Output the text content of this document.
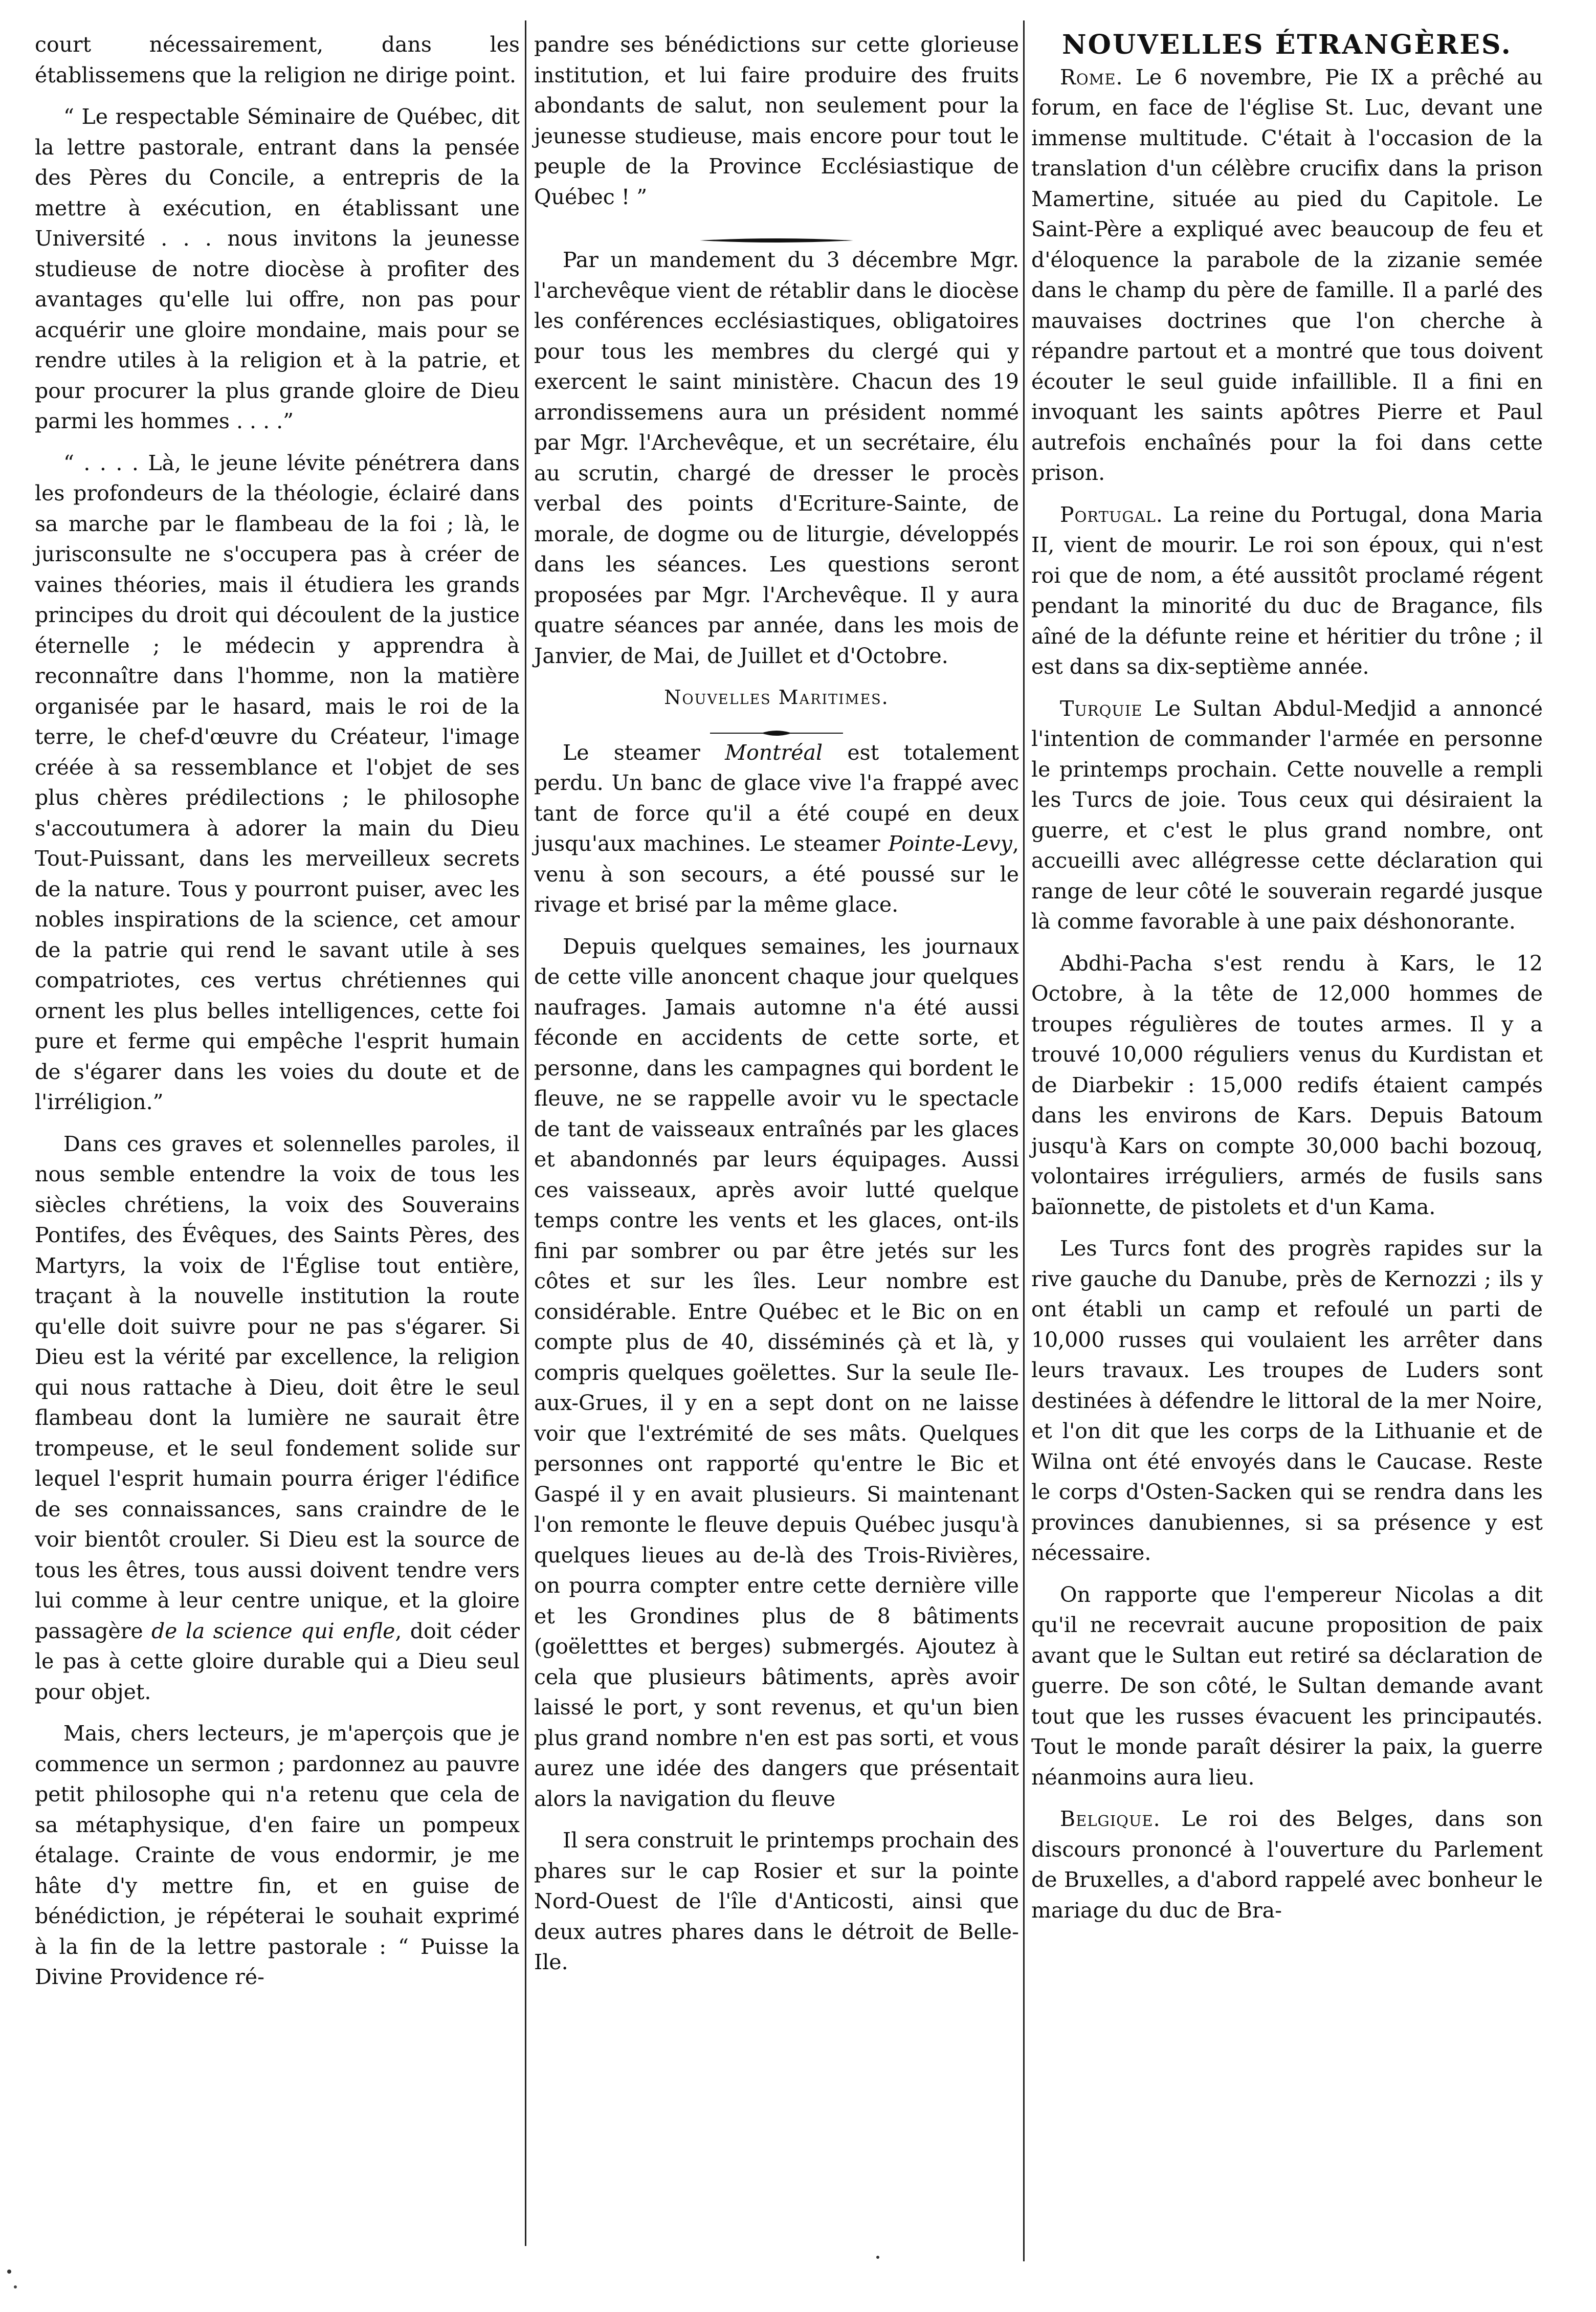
court nécessairement, dans les établissemens que la religion ne dirige point.

“ Le respectable Séminaire de Québec, dit la lettre pastorale, entrant dans la pensée des Pères du Concile, a entrepris de la mettre à exécution, en établissant une Université . . . nous invitons la jeunesse studieuse de notre diocèse à profiter des avantages qu'elle lui offre, non pas pour acquérir une gloire mondaine, mais pour se rendre utiles à la religion et à la patrie, et pour procurer la plus grande gloire de Dieu parmi les hommes . . . .”

“ . . . . Là, le jeune lévite pénétrera dans les profondeurs de la théologie, éclairé dans sa marche par le flambeau de la foi ; là, le jurisconsulte ne s'occupera pas à créer de vaines théories, mais il étudiera les grands principes du droit qui découlent de la justice éternelle ; le médecin y apprendra à reconnaître dans l'homme, non la matière organisée par le hasard, mais le roi de la terre, le chef-d'œuvre du Créateur, l'image créée à sa ressemblance et l'objet de ses plus chères prédilections ; le philosophe s'accoutumera à adorer la main du Dieu Tout-Puissant, dans les merveilleux secrets de la nature. Tous y pourront puiser, avec les nobles inspirations de la science, cet amour de la patrie qui rend le savant utile à ses compatriotes, ces vertus chrétiennes qui ornent les plus belles intelligences, cette foi pure et ferme qui empêche l'esprit humain de s'égarer dans les voies du doute et de l'irréligion.”

Dans ces graves et solennelles paroles, il nous semble entendre la voix de tous les siècles chrétiens, la voix des Souverains Pontifes, des Évêques, des Saints Pères, des Martyrs, la voix de l'Église tout entière, traçant à la nouvelle institution la route qu'elle doit suivre pour ne pas s'égarer. Si Dieu est la vérité par excellence, la religion qui nous rattache à Dieu, doit être le seul flambeau dont la lumière ne saurait être trompeuse, et le seul fondement solide sur lequel l'esprit humain pourra ériger l'édifice de ses connaissances, sans craindre de le voir bientôt crouler. Si Dieu est la source de tous les êtres, tous aussi doivent tendre vers lui comme à leur centre unique, et la gloire passagère de la science qui enfle, doit céder le pas à cette gloire durable qui a Dieu seul pour objet.

Mais, chers lecteurs, je m'aperçois que je commence un sermon ; pardonnez au pauvre petit philosophe qui n'a retenu que cela de sa métaphysique, d'en faire un pompeux étalage. Crainte de vous endormir, je me hâte d'y mettre fin, et en guise de bénédiction, je répéterai le souhait exprimé à la fin de la lettre pastorale : “ Puisse la Divine Providence ré-

pandre ses bénédictions sur cette glorieuse institution, et lui faire produire des fruits abondants de salut, non seulement pour la jeunesse studieuse, mais encore pour tout le peuple de la Province Ecclésiastique de Québec ! ”

Par un mandement du 3 décembre Mgr. l'archevêque vient de rétablir dans le diocèse les conférences ecclésiastiques, obligatoires pour tous les membres du clergé qui y exercent le saint ministère. Chacun des 19 arrondissemens aura un président nommé par Mgr. l'Archevêque, et un secrétaire, élu au scrutin, chargé de dresser le procès verbal des points d'Ecriture-Sainte, de morale, de dogme ou de liturgie, développés dans les séances. Les questions seront proposées par Mgr. l'Archevêque. Il y aura quatre séances par année, dans les mois de Janvier, de Mai, de Juillet et d'Octobre.

Nouvelles Maritimes.

Le steamer Montréal est totalement perdu. Un banc de glace vive l'a frappé avec tant de force qu'il a été coupé en deux jusqu'aux machines. Le steamer Pointe-Levy, venu à son secours, a été poussé sur le rivage et brisé par la même glace.

Depuis quelques semaines, les journaux de cette ville anoncent chaque jour quelques naufrages. Jamais automne n'a été aussi féconde en accidents de cette sorte, et personne, dans les campagnes qui bordent le fleuve, ne se rappelle avoir vu le spectacle de tant de vaisseaux entraînés par les glaces et abandonnés par leurs équipages. Aussi ces vaisseaux, après avoir lutté quelque temps contre les vents et les glaces, ont-ils fini par sombrer ou par être jetés sur les côtes et sur les îles. Leur nombre est considérable. Entre Québec et le Bic on en compte plus de 40, disséminés çà et là, y compris quelques goëlettes. Sur la seule Ile-aux-Grues, il y en a sept dont on ne laisse voir que l'extrémité de ses mâts. Quelques personnes ont rapporté qu'entre le Bic et Gaspé il y en avait plusieurs. Si maintenant l'on remonte le fleuve depuis Québec jusqu'à quelques lieues au de-là des Trois-Rivières, on pourra compter entre cette dernière ville et les Grondines plus de 8 bâtiments (goëletttes et berges) submergés. Ajoutez à cela que plusieurs bâtiments, après avoir laissé le port, y sont revenus, et qu'un bien plus grand nombre n'en est pas sorti, et vous aurez une idée des dangers que présentait alors la navigation du fleuve

Il sera construit le printemps prochain des phares sur le cap Rosier et sur la pointe Nord-Ouest de l'île d'Anticosti, ainsi que deux autres phares dans le détroit de Belle- Ile.

NOUVELLES ÉTRANGÈRES.

Rome. Le 6 novembre, Pie IX a prêché au forum, en face de l'église St. Luc, devant une immense multitude. C'était à l'occasion de la translation d'un célèbre crucifix dans la prison Mamertine, située au pied du Capitole. Le Saint-Père a expliqué avec beaucoup de feu et d'éloquence la parabole de la zizanie semée dans le champ du père de famille. Il a parlé des mauvaises doctrines que l'on cherche à répandre partout et a montré que tous doivent écouter le seul guide infaillible. Il a fini en invoquant les saints apôtres Pierre et Paul autrefois enchaînés pour la foi dans cette prison.

Portugal. La reine du Portugal, dona Maria II, vient de mourir. Le roi son époux, qui n'est roi que de nom, a été aussitôt proclamé régent pendant la minorité du duc de Bragance, fils aîné de la défunte reine et héritier du trône ; il est dans sa dix-septième année.

Turquie Le Sultan Abdul-Medjid a annoncé l'intention de commander l'armée en personne le printemps prochain. Cette nouvelle a rempli les Turcs de joie. Tous ceux qui désiraient la guerre, et c'est le plus grand nombre, ont accueilli avec allégresse cette déclaration qui range de leur côté le souverain regardé jusque là comme favorable à une paix déshonorante.

Abdhi-Pacha s'est rendu à Kars, le 12 Octobre, à la tête de 12,000 hommes de troupes régulières de toutes armes. Il y a trouvé 10,000 réguliers venus du Kurdistan et de Diarbekir : 15,000 redifs étaient campés dans les environs de Kars. Depuis Batoum jusqu'à Kars on compte 30,000 bachi bozouq, volontaires irréguliers, armés de fusils sans baïonnette, de pistolets et d'un Kama.

Les Turcs font des progrès rapides sur la rive gauche du Danube, près de Kernozzi ; ils y ont établi un camp et refoulé un parti de 10,000 russes qui voulaient les arrêter dans leurs travaux. Les troupes de Luders sont destinées à défendre le littoral de la mer Noire, et l'on dit que les corps de la Lithuanie et de Wilna ont été envoyés dans le Caucase. Reste le corps d'Osten-Sacken qui se rendra dans les provinces danubiennes, si sa présence y est nécessaire.

On rapporte que l'empereur Nicolas a dit qu'il ne recevrait aucune proposition de paix avant que le Sultan eut retiré sa déclaration de guerre. De son côté, le Sultan demande avant tout que les russes évacuent les principautés. Tout le monde paraît désirer la paix, la guerre néanmoins aura lieu.

Belgique. Le roi des Belges, dans son discours prononcé à l'ouverture du Parlement de Bruxelles, a d'abord rappelé avec bonheur le mariage du duc de Bra-
